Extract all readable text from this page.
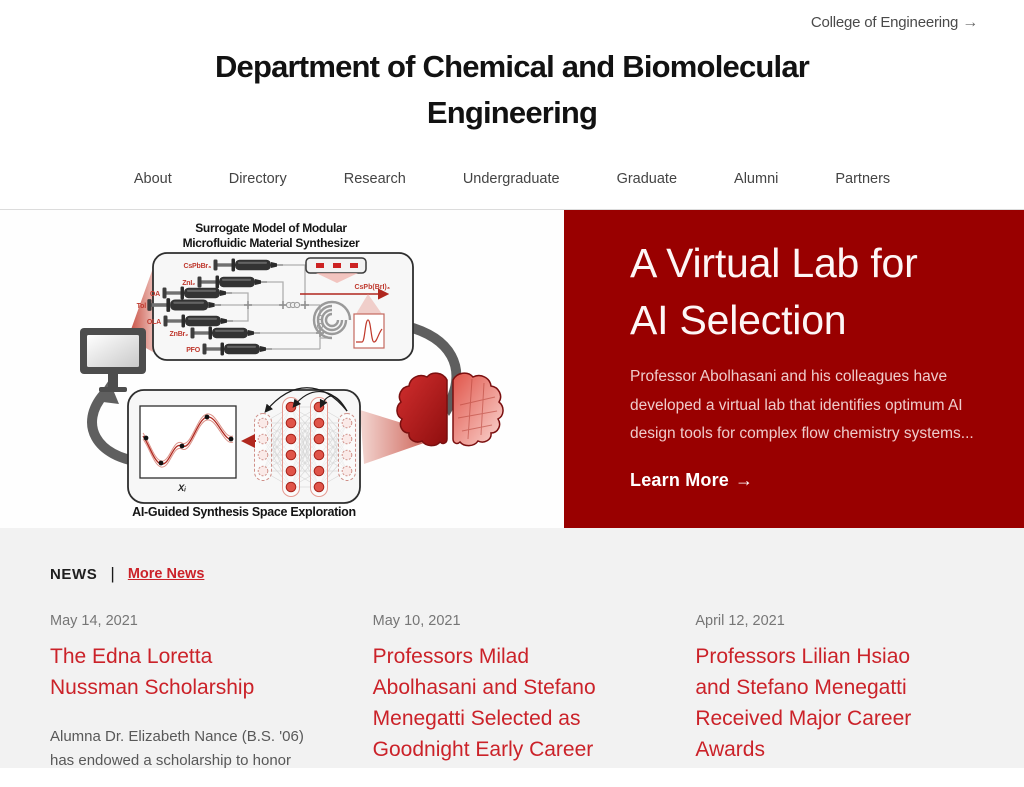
College of Engineering →
Department of Chemical and Biomolecular
Engineering
About	Directory	Research	Undergraduate	Graduate	Alumni	Partners
Surrogate Model of Modular
Microfluidic Material Synthesizer
CsPbBr₃
ZnI₂
OA
Tol
OLA
ZnBr₂
PFO
CsPb(BrI)₃
Xᵢ
AI-Guided Synthesis Space Exploration
A Virtual Lab for
AI Selection

Professor Abolhasani and his colleagues have developed a virtual lab that identifies optimum AI design tools for complex flow chemistry systems...

Learn More →
NEWS | More News
May 14, 2021
The Edna Loretta Nussman Scholarship

Alumna Dr. Elizabeth Nance (B.S. '06) has endowed a scholarship to honor

May 10, 2021
Professors Milad Abolhasani and Stefano Menegatti Selected as Goodnight Early Career

April 12, 2021
Professors Lilian Hsiao and Stefano Menegatti Received Major Career Awards
